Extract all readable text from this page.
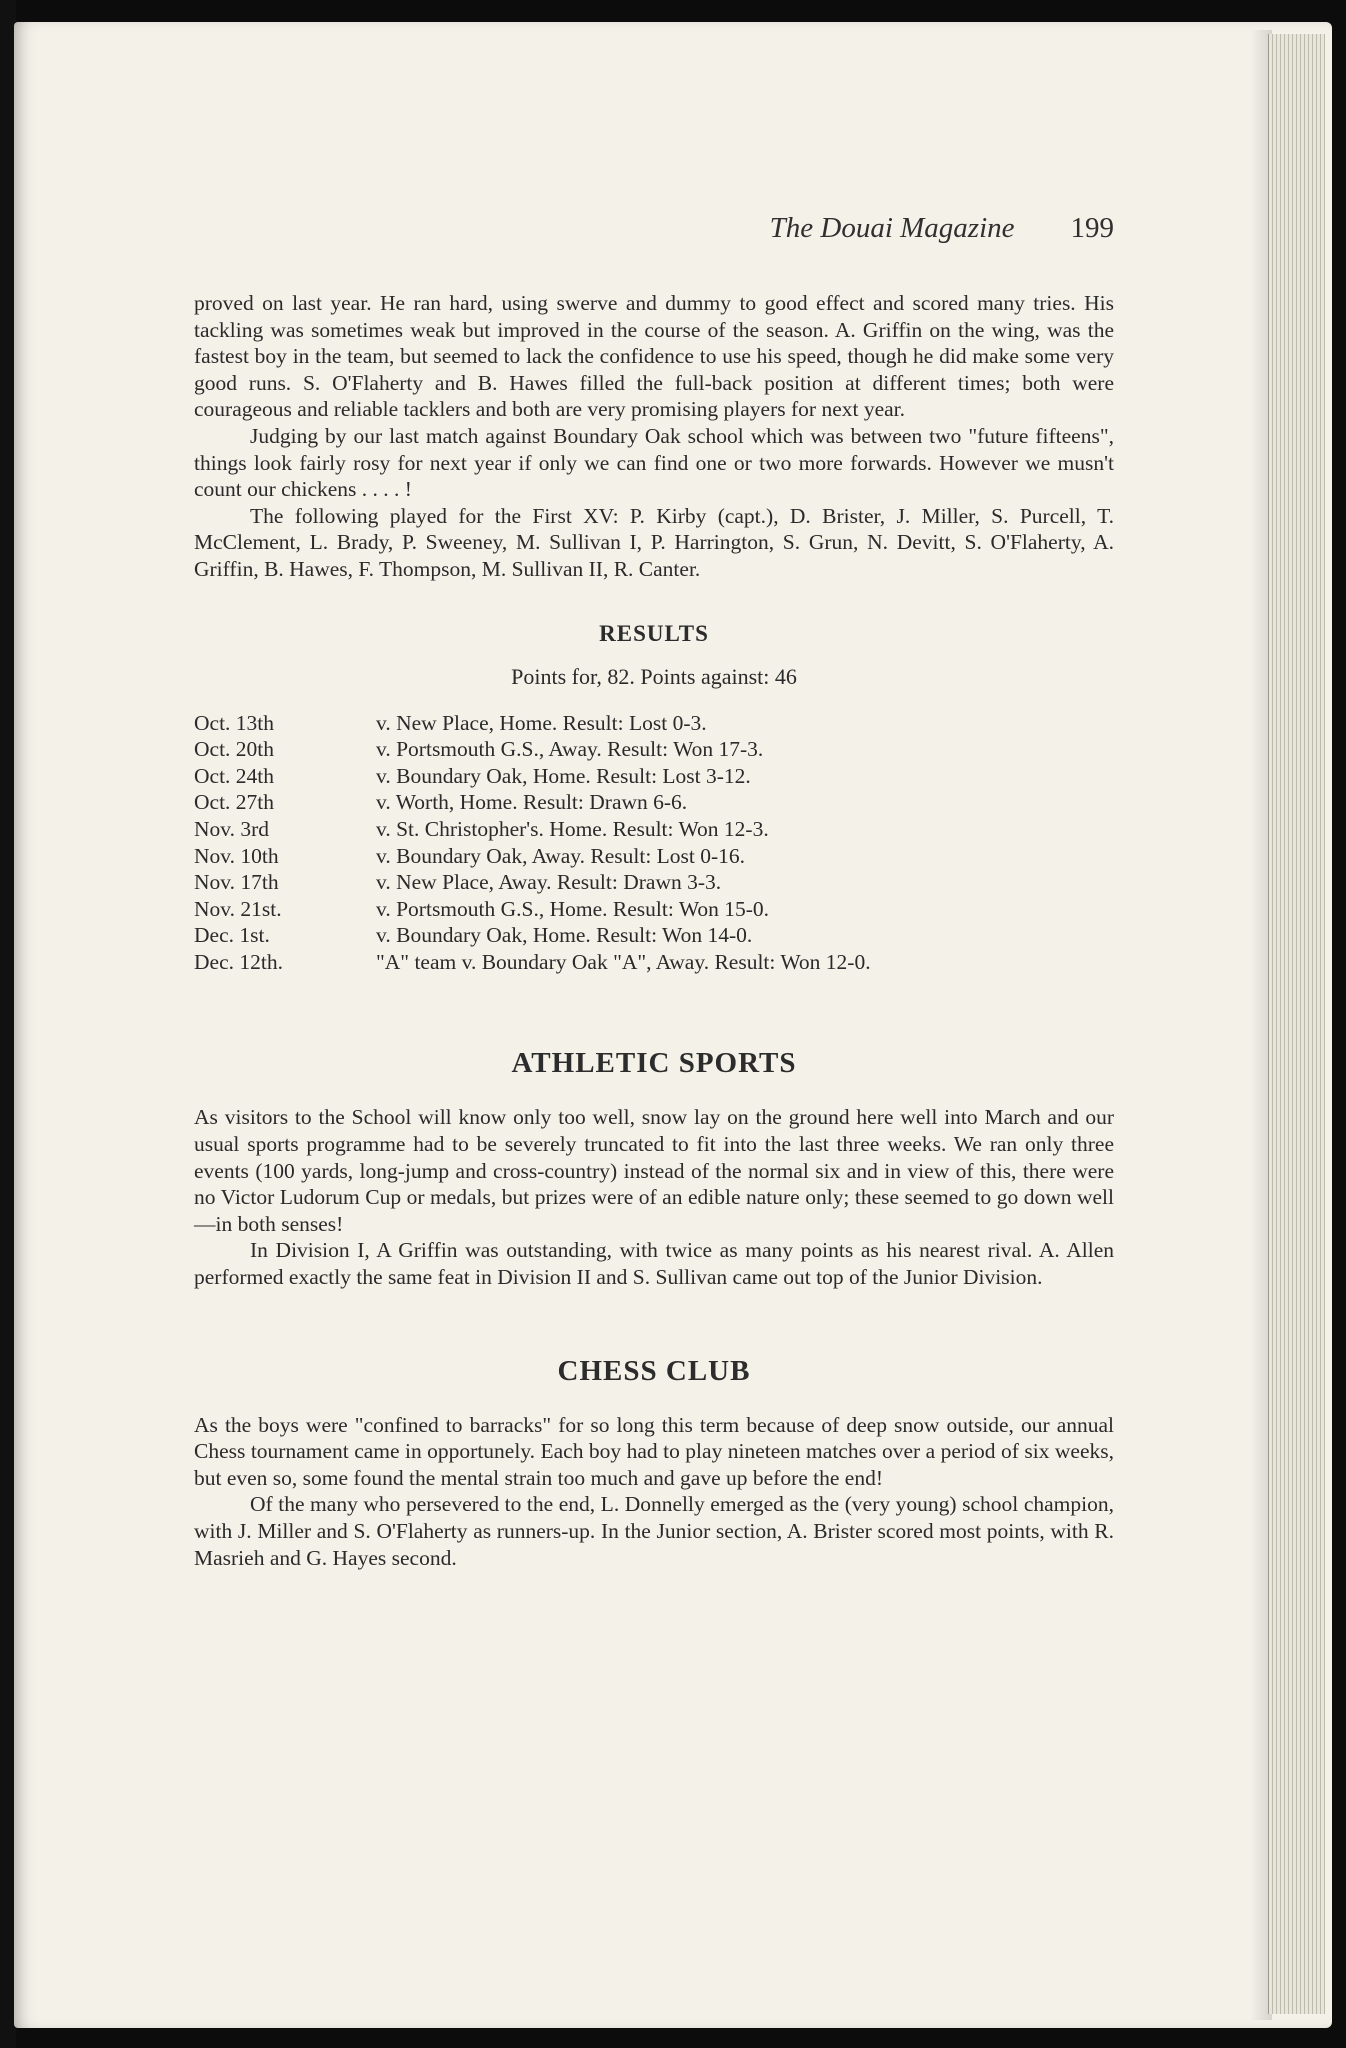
The Douai Magazine 199

proved on last year. He ran hard, using swerve and dummy to good effect and scored many tries. His tackling was sometimes weak but improved in the course of the season. A. Griffin on the wing, was the fastest boy in the team, but seemed to lack the confidence to use his speed, though he did make some very good runs. S. O'Flaherty and B. Hawes filled the full-back position at different times; both were courageous and reliable tacklers and both are very promising players for next year.

Judging by our last match against Boundary Oak school which was between two "future fifteens", things look fairly rosy for next year if only we can find one or two more forwards. However we musn't count our chickens . . . . !

The following played for the First XV: P. Kirby (capt.), D. Brister, J. Miller, S. Purcell, T. McClement, L. Brady, P. Sweeney, M. Sullivan I, P. Harrington, S. Grun, N. Devitt, S. O'Flaherty, A. Griffin, B. Hawes, F. Thompson, M. Sullivan II, R. Canter.

RESULTS
Points for, 82. Points against: 46
Oct. 13th	v. New Place, Home. Result: Lost 0-3.
Oct. 20th	v. Portsmouth G.S., Away. Result: Won 17-3.
Oct. 24th	v. Boundary Oak, Home. Result: Lost 3-12.
Oct. 27th	v. Worth, Home. Result: Drawn 6-6.
Nov. 3rd	v. St. Christopher's. Home. Result: Won 12-3.
Nov. 10th	v. Boundary Oak, Away. Result: Lost 0-16.
Nov. 17th	v. New Place, Away. Result: Drawn 3-3.
Nov. 21st.	v. Portsmouth G.S., Home. Result: Won 15-0.
Dec. 1st.	v. Boundary Oak, Home. Result: Won 14-0.
Dec. 12th.	"A" team v. Boundary Oak "A", Away. Result: Won 12-0.
ATHLETIC SPORTS

As visitors to the School will know only too well, snow lay on the ground here well into March and our usual sports programme had to be severely truncated to fit into the last three weeks. We ran only three events (100 yards, long-jump and cross-country) instead of the normal six and in view of this, there were no Victor Ludorum Cup or medals, but prizes were of an edible nature only; these seemed to go down well—in both senses!

In Division I, A Griffin was outstanding, with twice as many points as his nearest rival. A. Allen performed exactly the same feat in Division II and S. Sullivan came out top of the Junior Division.

CHESS CLUB

As the boys were "confined to barracks" for so long this term because of deep snow outside, our annual Chess tournament came in opportunely. Each boy had to play nineteen matches over a period of six weeks, but even so, some found the mental strain too much and gave up before the end!

Of the many who persevered to the end, L. Donnelly emerged as the (very young) school champion, with J. Miller and S. O'Flaherty as runners-up. In the Junior section, A. Brister scored most points, with R. Masrieh and G. Hayes second.
